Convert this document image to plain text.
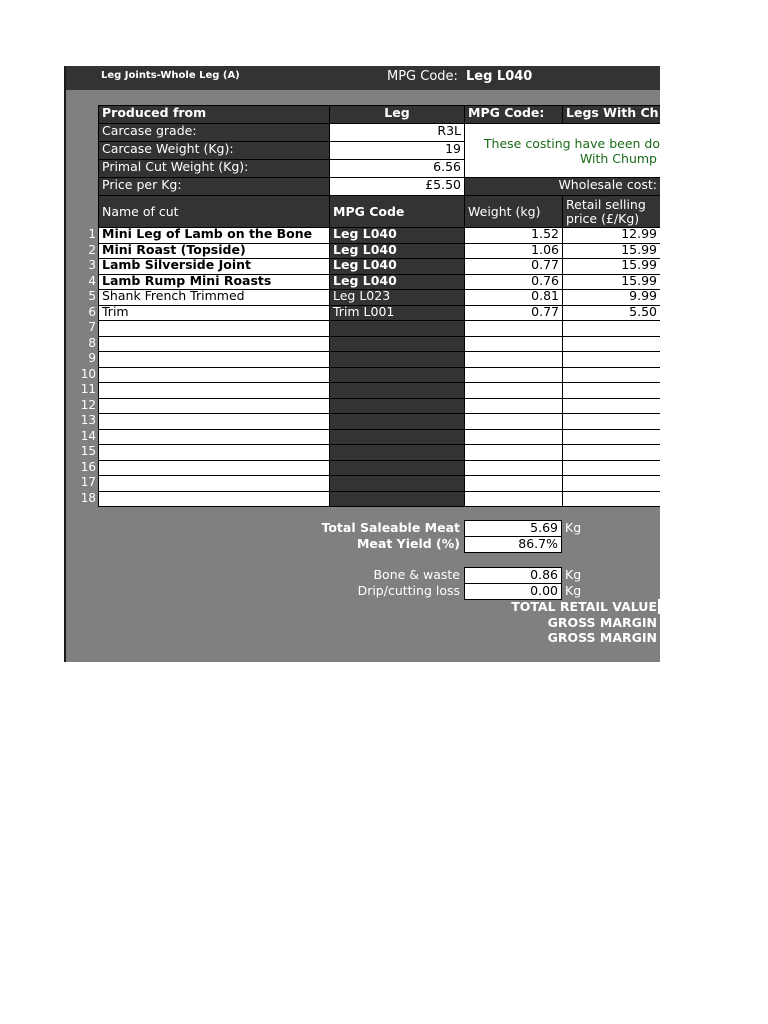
Leg Joints-Whole Leg (A)	MPG Code: Leg L040
Produced from	Leg	MPG Code:	Legs With Ch
Carcase grade:	R3L
Carcase Weight (Kg):	19
Primal Cut Weight (Kg):	6.56
Price per Kg:	£5.50
These costing have been do
With Chump
Wholesale cost:
Name of cut	MPG Code	Weight (kg)	Retail selling
price (£/Kg)
1 Mini Leg of Lamb on the Bone	Leg L040	1.52	12.99
2 Mini Roast (Topside)	Leg L040	1.06	15.99
3 Lamb Silverside Joint	Leg L040	0.77	15.99
4 Lamb Rump Mini Roasts	Leg L040	0.76	15.99
5 Shank French Trimmed	Leg L023	0.81	9.99
6 Trim	Trim L001	0.77	5.50
7
8
9
10
11
12
13
14
15
16
17
18
Total Saleable Meat	5.69 Kg
Meat Yield (%)	86.7%
Bone & waste	0.86 Kg
Drip/cutting loss	0.00 Kg
TOTAL RETAIL VALUE
GROSS MARGIN
GROSS MARGIN
